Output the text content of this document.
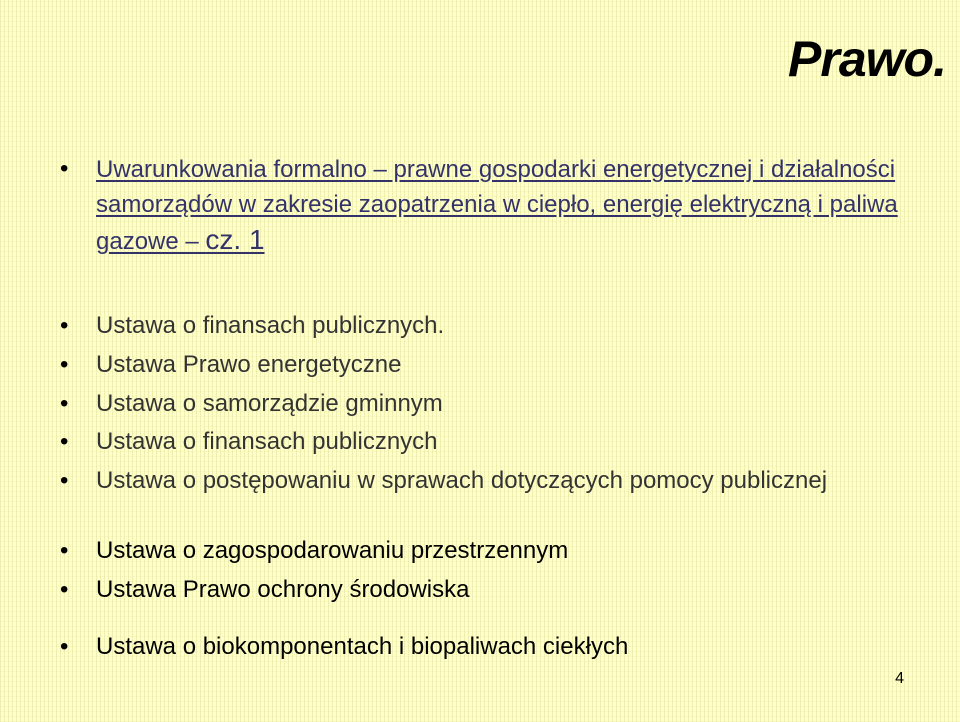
Prawo.
•	Uwarunkowania formalno – prawne gospodarki energetycznej i działalności samorządów w zakresie zaopatrzenia w ciepło, energię elektryczną i paliwa gazowe – cz. 1
•	Ustawa o finansach publicznych.
•	Ustawa Prawo energetyczne
•	Ustawa o samorządzie gminnym
•	Ustawa o finansach publicznych
•	Ustawa o postępowaniu w sprawach dotyczących pomocy publicznej
•	Ustawa o zagospodarowaniu przestrzennym
•	Ustawa Prawo ochrony środowiska
•	Ustawa o biokomponentach i biopaliwach ciekłych
4
